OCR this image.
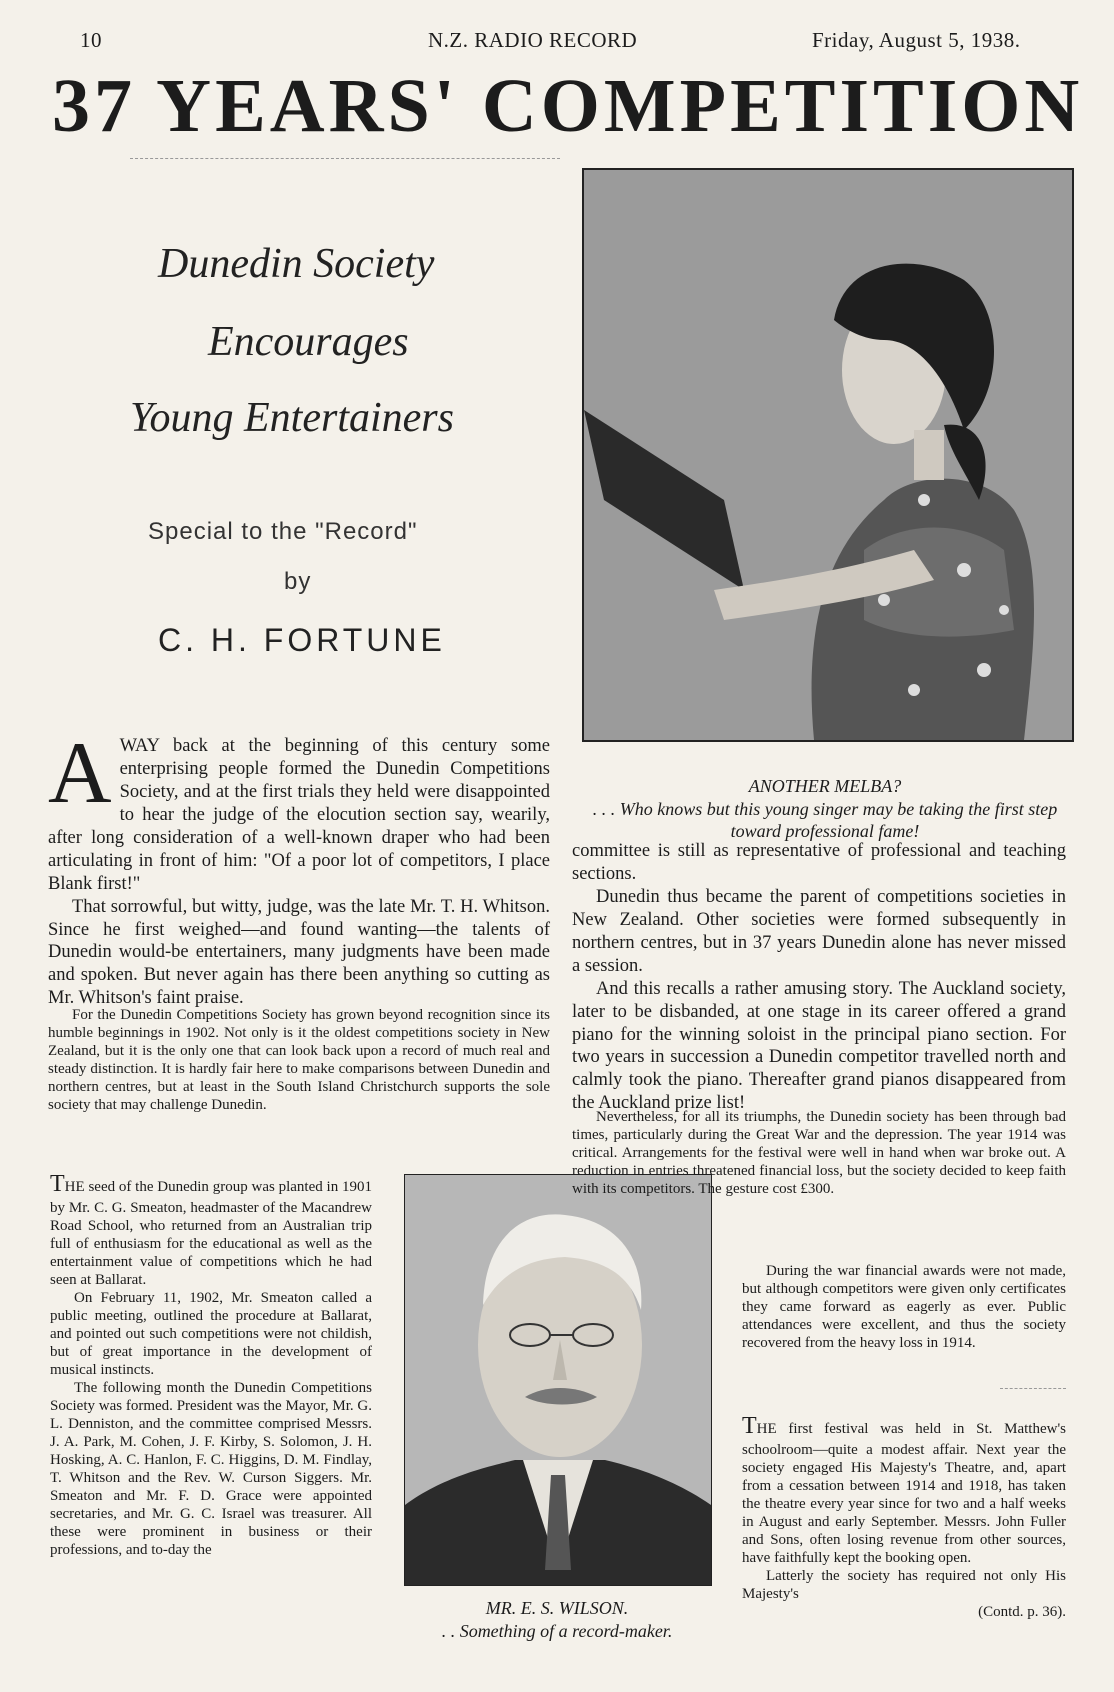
10	N.Z. RADIO RECORD	Friday, August 5, 1938.
37 YEARS' COMPETITION
Dunedin Society
Encourages
Young Entertainers
Special to the "Record"
by
C. H. FORTUNE
ANOTHER MELBA?
. . . Who knows but this young singer may be taking the first step toward professional fame!
A WAY back at the beginning of this century some enterprising people formed the Dunedin Competitions Society, and at the first trials they held were disappointed to hear the judge of the elocution section say, wearily, after long consideration of a well-known draper who had been articulating in front of him: "Of a poor lot of competitors, I place Blank first!"

That sorrowful, but witty, judge, was the late Mr. T. H. Whitson. Since he first weighed—and found wanting—the talents of Dunedin would-be entertainers, many judgments have been made and spoken. But never again has there been anything so cutting as Mr. Whitson's faint praise.

For the Dunedin Competitions Society has grown beyond recognition since its humble beginnings in 1902. Not only is it the oldest competitions society in New Zealand, but it is the only one that can look back upon a record of much real and steady distinction. It is hardly fair here to make comparisons between Dunedin and northern centres, but at least in the South Island Christchurch supports the sole society that may challenge Dunedin.

THE seed of the Dunedin group was planted in 1901 by Mr. C. G. Smeaton, headmaster of the Macandrew Road School, who returned from an Australian trip full of enthusiasm for the educational as well as the entertainment value of competitions which he had seen at Ballarat.

On February 11, 1902, Mr. Smeaton called a public meeting, outlined the procedure at Ballarat, and pointed out such competitions were not childish, but of great importance in the development of musical instincts.

The following month the Dunedin Competitions Society was formed. President was the Mayor, Mr. G. L. Denniston, and the committee comprised Messrs. J. A. Park, M. Cohen, J. F. Kirby, S. Solomon, J. H. Hosking, A. C. Hanlon, F. C. Higgins, D. M. Findlay, T. Whitson and the Rev. W. Curson Siggers. Mr. Smeaton and Mr. F. D. Grace were appointed secretaries, and Mr. G. C. Israel was treasurer. All these were prominent in business or their professions, and to-day the

MR. E. S. WILSON.
. . Something of a record-maker.

committee is still as representative of professional and teaching sections.

Dunedin thus became the parent of competitions societies in New Zealand. Other societies were formed subsequently in northern centres, but in 37 years Dunedin alone has never missed a session.

And this recalls a rather amusing story. The Auckland society, later to be disbanded, at one stage in its career offered a grand piano for the winning soloist in the principal piano section. For two years in succession a Dunedin competitor travelled north and calmly took the piano. Thereafter grand pianos disappeared from the Auckland prize list!

Nevertheless, for all its triumphs, the Dunedin society has been through bad times, particularly during the Great War and the depression. The year 1914 was critical. Arrangements for the festival were well in hand when war broke out. A reduction in entries threatened financial loss, but the society decided to keep faith with its competitors. The gesture cost £300.

During the war financial awards were not made, but although competitors were given only certificates they came forward as eagerly as ever. Public attendances were excellent, and thus the society recovered from the heavy loss in 1914.

THE first festival was held in St. Matthew's schoolroom—quite a modest affair. Next year the society engaged His Majesty's Theatre, and, apart from a cessation between 1914 and 1918, has taken the theatre every year since for two and a half weeks in August and early September. Messrs. John Fuller and Sons, often losing revenue from other sources, have faithfully kept the booking open.

Latterly the society has required not only His Majesty's

(Contd. p. 36).
